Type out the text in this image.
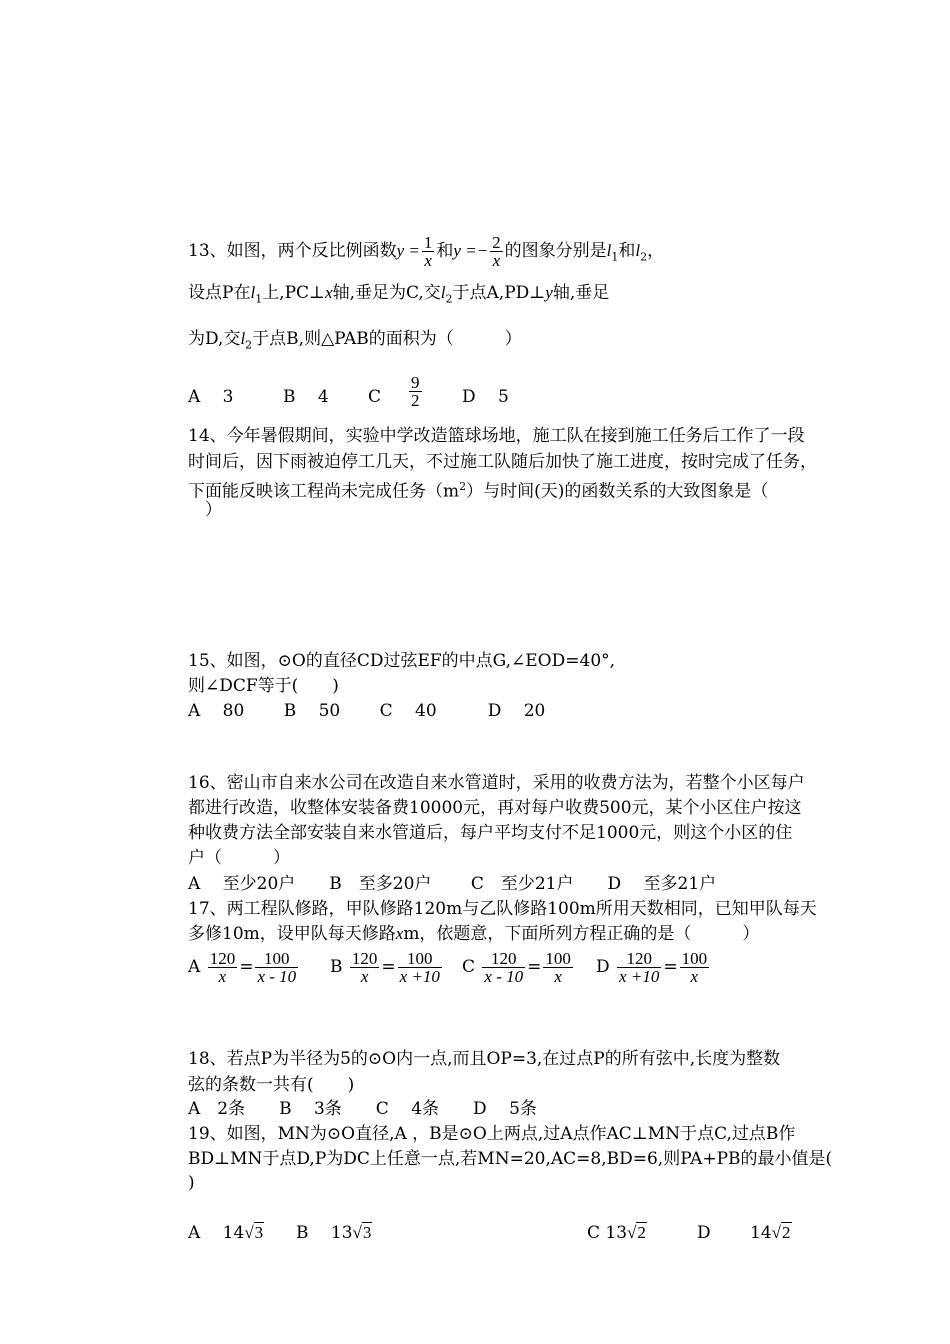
13、如图，两个反比例函数$y = \frac{1}{x}$ 和$y =- \frac{2}{x}$ 的图象分别是$l_1$和$l_2$，
设点P在$l_1$上,PC⊥x轴,垂足为C,交$l_2$于点A,PD⊥y轴,垂足
为D,交$l_2$于点B,则△PAB的面积为（　　　）
A　 3	B　 4 C $\frac{9}{2}$ D　 5
14、今年暑假期间，实验中学改造篮球场地，施工队在接到施工任务后工作了一段
时间后，因下雨被迫停工几天，不过施工队随后加快了施工进度，按时完成了任务，
下面能反映该工程尚未完成任务$(m^2)$与时间(天)的函数关系的大致图象是（
　）
15、如图，⊙O的直径CD过弦EF的中点G,∠EOD=40°,
则∠DCF等于(　　)
A　 80　　 B　 50　　 C　 40　　　D　 20
16、密山市自来水公司在改造自来水管道时，采用的收费方法为，若整个小区每户
都进行改造，收整体安装备费10000元，再对每户收费500元，某个小区住户按这
种收费方法全部安装自来水管道后，每户平均支付不足1000元，则这个小区的住
户（　　　）
A　 至少20户　　B　至多20户　　 C　至少21户　　D　 至多21户
17、两工程队修路，甲队修路120m与乙队修路100m所用天数相同，已知甲队每天
多修10m，设甲队每天修路xm，依题意，下面所列方程正确的是（　　　）
A $\frac{120}{x} = \frac{100}{x - 10}$ B $\frac{120}{x} = \frac{100}{x +10}$ C $\frac{120}{x - 10} = \frac{100}{x}$ D $\frac{120}{x +10} = \frac{100}{x}$
18、若点P为半径为5的⊙O内一点,而且OP=3,在过点P的所有弦中,长度为整数
弦的条数一共有(　　)
A　2条　　B　 3条　　C　 4条　　D　 5条
19、如图，MN为⊙O直径,A ，B是⊙O上两点,过A点作AC⊥MN于点C,过点B作
BD⊥MN于点D,P为DC上任意一点,若MN=20,AC=8,BD=6,则PA+PB的最小值是(
)
A　 14√3 B　 13√3	C 13√2	D　　 14√2
